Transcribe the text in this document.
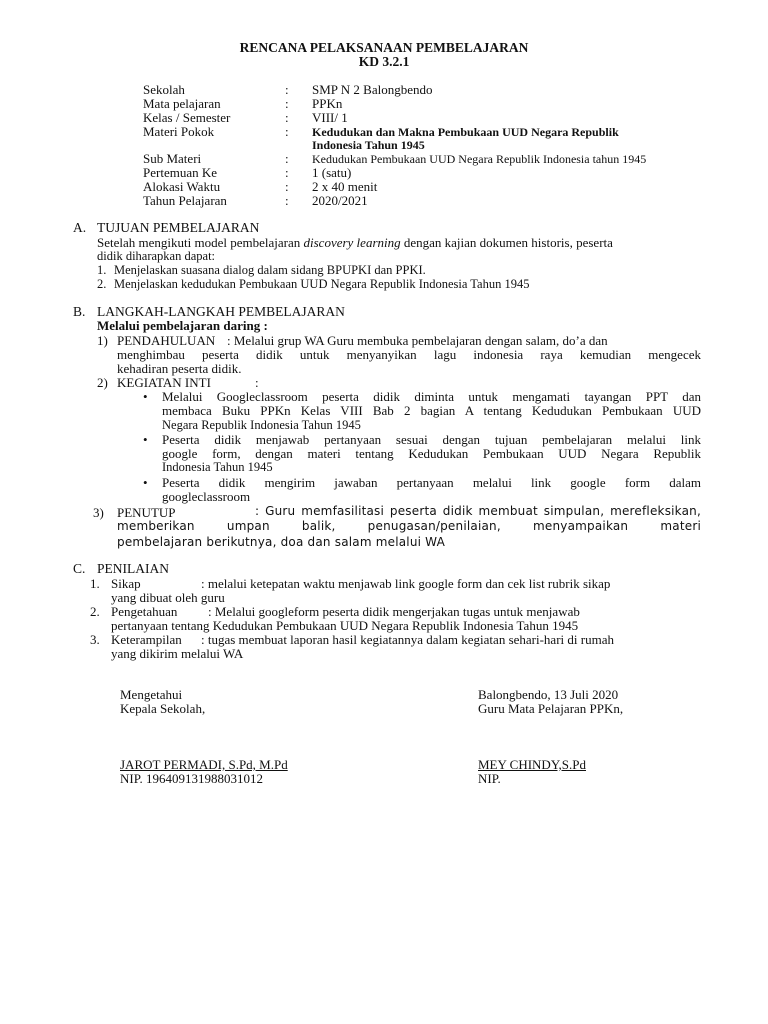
RENCANA PELAKSANAAN PEMBELAJARAN
KD 3.2.1
Sekolah	: SMP N 2 Balongbendo
Mata pelajaran	: PPKn
Kelas / Semester	: VIII/ 1
Materi Pokok	: Kedudukan dan Makna Pembukaan UUD Negara Republik
Indonesia Tahun 1945
Sub Materi	: Kedudukan Pembukaan UUD Negara Republik Indonesia tahun 1945
Pertemuan Ke	: 1 (satu)
Alokasi Waktu	: 2 x 40 menit
Tahun Pelajaran	: 2020/2021
A. TUJUAN PEMBELAJARAN
Setelah mengikuti model pembelajaran discovery learning dengan kajian dokumen historis, peserta
didik diharapkan dapat:
1. Menjelaskan suasana dialog dalam sidang BPUPKI dan PPKI.
2. Menjelaskan kedudukan Pembukaan UUD Negara Republik Indonesia Tahun 1945
B. LANGKAH-LANGKAH PEMBELAJARAN
Melalui pembelajaran daring :
1) PENDAHULUAN : Melalui grup WA Guru membuka pembelajaran dengan salam, do’a dan
menghimbau peserta didik untuk menyanyikan lagu indonesia raya kemudian mengecek
kehadiran peserta didik.
2) KEGIATAN INTI	:
• Melalui Googleclassroom peserta didik diminta untuk mengamati tayangan PPT dan
membaca Buku PPKn Kelas VIII Bab 2 bagian A tentang Kedudukan Pembukaan UUD
Negara Republik Indonesia Tahun 1945
• Peserta didik menjawab pertanyaan sesuai dengan tujuan pembelajaran melalui link
google form, dengan materi tentang Kedudukan Pembukaan UUD Negara Republik
Indonesia Tahun 1945
• Peserta didik mengirim jawaban pertanyaan melalui link google form dalam
googleclassroom
3) PENUTUP	: Guru memfasilitasi peserta didik membuat simpulan, merefleksikan,
memberikan umpan balik, penugasan/penilaian, menyampaikan materi
pembelajaran berikutnya, doa dan salam melalui WA
C. PENILAIAN
1. Sikap	: melalui ketepatan waktu menjawab link google form dan cek list rubrik sikap
yang dibuat oleh guru
2. Pengetahuan : Melalui googleform peserta didik mengerjakan tugas untuk menjawab
pertanyaan tentang Kedudukan Pembukaan UUD Negara Republik Indonesia Tahun 1945
3. Keterampilan : tugas membuat laporan hasil kegiatannya dalam kegiatan sehari-hari di rumah
yang dikirim melalui WA
Mengetahui
Kepala Sekolah,
JAROT PERMADI, S.Pd, M.Pd
NIP. 196409131988031012
Balongbendo, 13 Juli 2020
Guru Mata Pelajaran PPKn,
MEY CHINDY,S.Pd
NIP.
